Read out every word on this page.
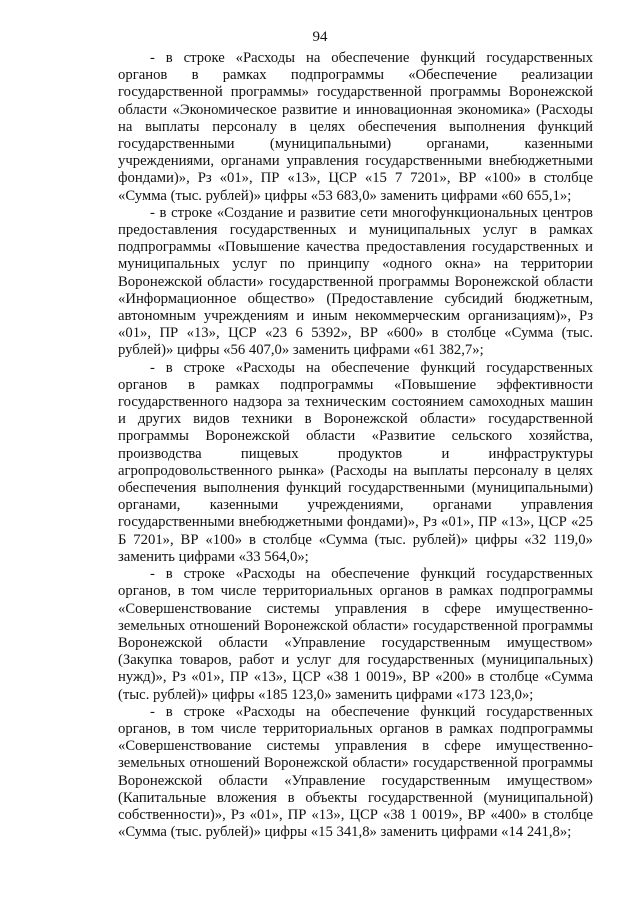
94

- в строке «Расходы на обеспечение функций государственных органов в рамках подпрограммы «Обеспечение реализации государственной программы» государственной программы Воронежской области «Экономическое развитие и инновационная экономика» (Расходы на выплаты персоналу в целях обеспечения выполнения функций государственными (муниципальными) органами, казенными учреждениями, органами управления государственными внебюджетными фондами)», Рз «01», ПР «13», ЦСР «15 7 7201», ВР «100» в столбце «Сумма (тыс. рублей)» цифры «53 683,0» заменить цифрами «60 655,1»;

- в строке «Создание и развитие сети многофункциональных центров предоставления государственных и муниципальных услуг в рамках подпрограммы «Повышение качества предоставления государственных и муниципальных услуг по принципу «одного окна» на территории Воронежской области» государственной программы Воронежской области «Информационное общество» (Предоставление субсидий бюджетным, автономным учреждениям и иным некоммерческим организациям)», Рз «01», ПР «13», ЦСР «23 6 5392», ВР «600» в столбце «Сумма (тыс. рублей)» цифры «56 407,0» заменить цифрами «61 382,7»;

- в строке «Расходы на обеспечение функций государственных органов в рамках подпрограммы «Повышение эффективности государственного надзора за техническим состоянием самоходных машин и других видов техники в Воронежской области» государственной программы Воронежской области «Развитие сельского хозяйства, производства пищевых продуктов и инфраструктуры агропродовольственного рынка» (Расходы на выплаты персоналу в целях обеспечения выполнения функций государственными (муниципальными) органами, казенными учреждениями, органами управления государственными внебюджетными фондами)», Рз «01», ПР «13», ЦСР «25 Б 7201», ВР «100» в столбце «Сумма (тыс. рублей)» цифры «32 119,0» заменить цифрами «33 564,0»;

- в строке «Расходы на обеспечение функций государственных органов, в том числе территориальных органов в рамках подпрограммы «Совершенствование системы управления в сфере имущественно-земельных отношений Воронежской области» государственной программы Воронежской области «Управление государственным имуществом» (Закупка товаров, работ и услуг для государственных (муниципальных) нужд)», Рз «01», ПР «13», ЦСР «38 1 0019», ВР «200» в столбце «Сумма (тыс. рублей)» цифры «185 123,0» заменить цифрами «173 123,0»;

- в строке «Расходы на обеспечение функций государственных органов, в том числе территориальных органов в рамках подпрограммы «Совершенствование системы управления в сфере имущественно-земельных отношений Воронежской области» государственной программы Воронежской области «Управление государственным имуществом» (Капитальные вложения в объекты государственной (муниципальной) собственности)», Рз «01», ПР «13», ЦСР «38 1 0019», ВР «400» в столбце «Сумма (тыс. рублей)» цифры «15 341,8» заменить цифрами «14 241,8»;
